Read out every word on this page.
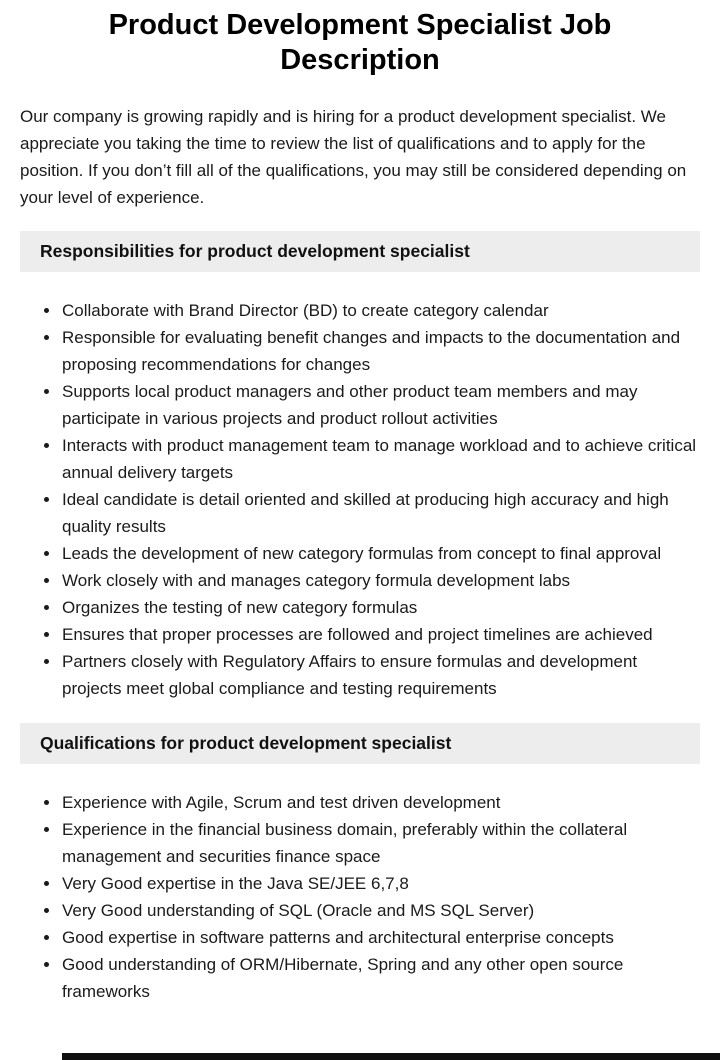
Product Development Specialist Job Description

Our company is growing rapidly and is hiring for a product development specialist. We appreciate you taking the time to review the list of qualifications and to apply for the position. If you don’t fill all of the qualifications, you may still be considered depending on your level of experience.

Responsibilities for product development specialist
• Collaborate with Brand Director (BD) to create category calendar
• Responsible for evaluating benefit changes and impacts to the documentation and proposing recommendations for changes
• Supports local product managers and other product team members and may participate in various projects and product rollout activities
• Interacts with product management team to manage workload and to achieve critical annual delivery targets
• Ideal candidate is detail oriented and skilled at producing high accuracy and high quality results
• Leads the development of new category formulas from concept to final approval
• Work closely with and manages category formula development labs
• Organizes the testing of new category formulas
• Ensures that proper processes are followed and project timelines are achieved
• Partners closely with Regulatory Affairs to ensure formulas and development projects meet global compliance and testing requirements
Qualifications for product development specialist
• Experience with Agile, Scrum and test driven development
• Experience in the financial business domain, preferably within the collateral management and securities finance space
• Very Good expertise in the Java SE/JEE 6,7,8
• Very Good understanding of SQL (Oracle and MS SQL Server)
• Good expertise in software patterns and architectural enterprise concepts
• Good understanding of ORM/Hibernate, Spring and any other open source frameworks
